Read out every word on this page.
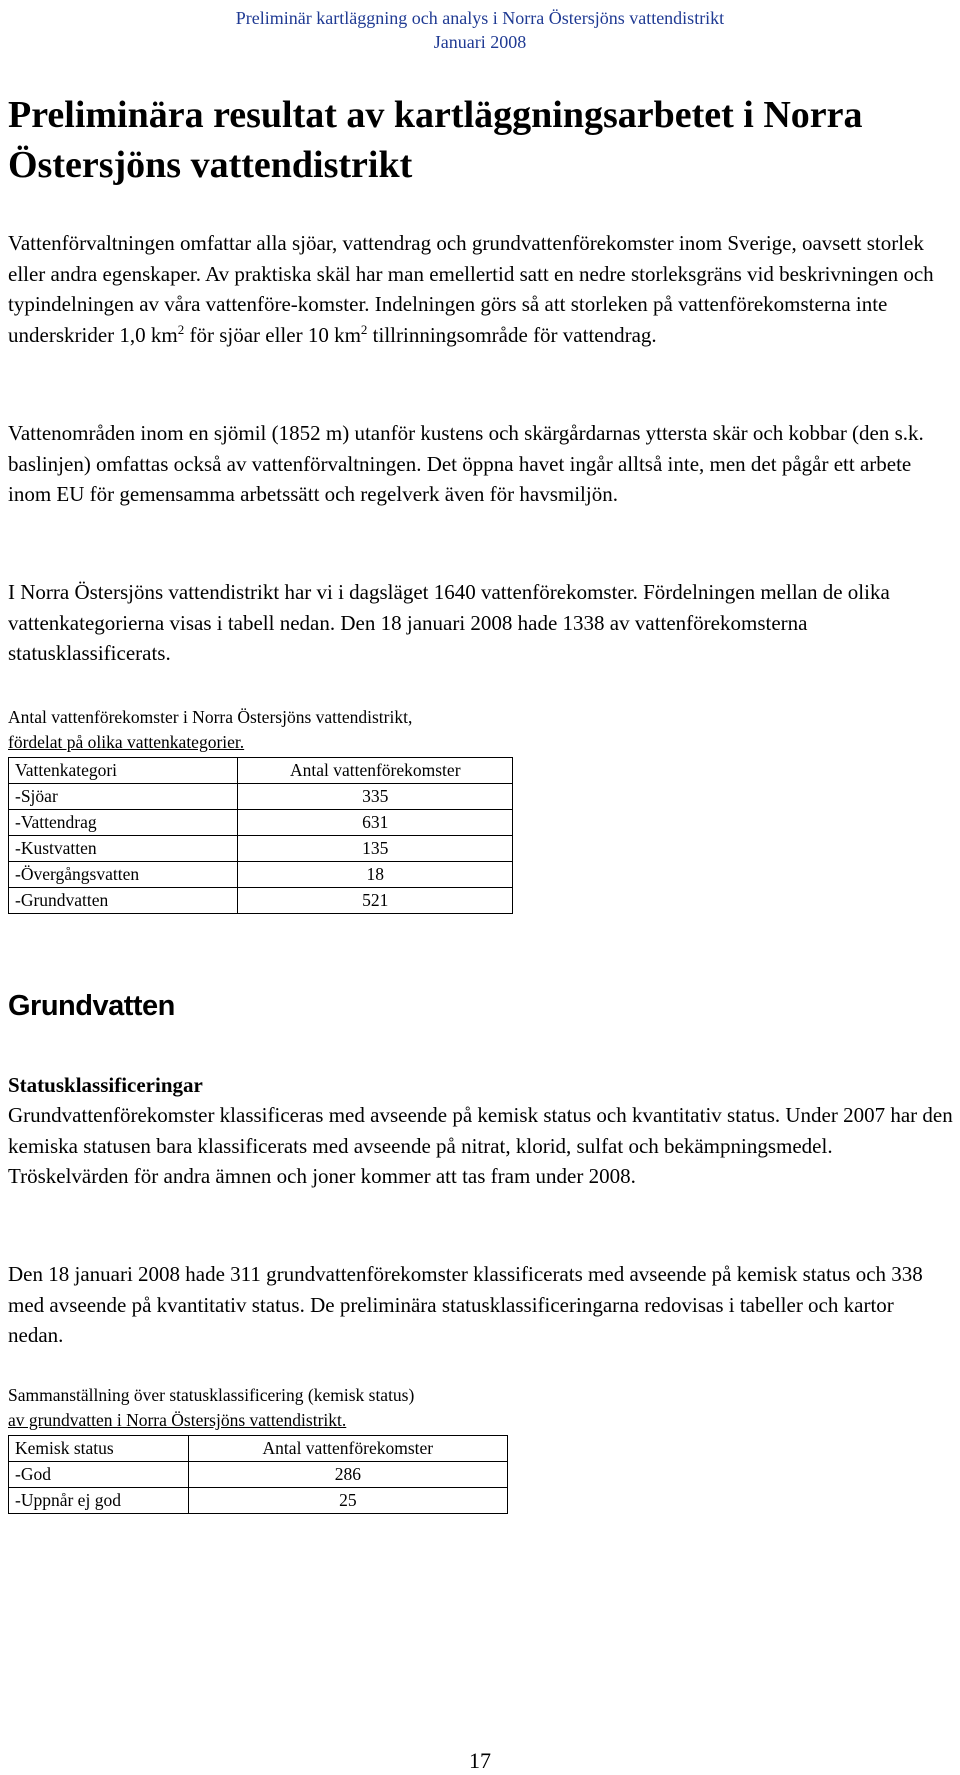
Preliminär kartläggning och analys i Norra Östersjöns vattendistrikt
Januari 2008
Preliminära resultat av kartläggningsarbetet i Norra Östersjöns vattendistrikt

Vattenförvaltningen omfattar alla sjöar, vattendrag och grundvattenförekomster inom Sverige, oavsett storlek eller andra egenskaper. Av praktiska skäl har man emellertid satt en nedre storleksgräns vid beskrivningen och typindelningen av våra vattenföre-komster. Indelningen görs så att storleken på vattenförekomsterna inte underskrider 1,0 $km^2$ för sjöar eller 10 $km^2$ tillrinningsområde för vattendrag.

Vattenområden inom en sjömil (1852 m) utanför kustens och skärgårdarnas yttersta skär och kobbar (den s.k. baslinjen) omfattas också av vattenförvaltningen. Det öppna havet ingår alltså inte, men det pågår ett arbete inom EU för gemensamma arbetssätt och regelverk även för havsmiljön.

I Norra Östersjöns vattendistrikt har vi i dagsläget 1640 vattenförekomster. Fördelningen mellan de olika vattenkategorierna visas i tabell nedan. Den 18 januari 2008 hade 1338 av vattenförekomsterna statusklassificerats.

Antal vattenförekomster i Norra Östersjöns vattendistrikt,
fördelat på olika vattenkategorier.
Vattenkategori	Antal vattenförekomster
-Sjöar	335
-Vattendrag	631
-Kustvatten	135
-Övergångsvatten	18
-Grundvatten	521
Grundvatten
Statusklassificeringar

Grundvattenförekomster klassificeras med avseende på kemisk status och kvantitativ status. Under 2007 har den kemiska statusen bara klassificerats med avseende på nitrat, klorid, sulfat och bekämpningsmedel. Tröskelvärden för andra ämnen och joner kommer att tas fram under 2008.

Den 18 januari 2008 hade 311 grundvattenförekomster klassificerats med avseende på kemisk status och 338 med avseende på kvantitativ status. De preliminära statusklassificeringarna redovisas i tabeller och kartor nedan.

Sammanställning över statusklassificering (kemisk status)
av grundvatten i Norra Östersjöns vattendistrikt.
Kemisk status	Antal vattenförekomster
-God	286
-Uppnår ej god	25
17
